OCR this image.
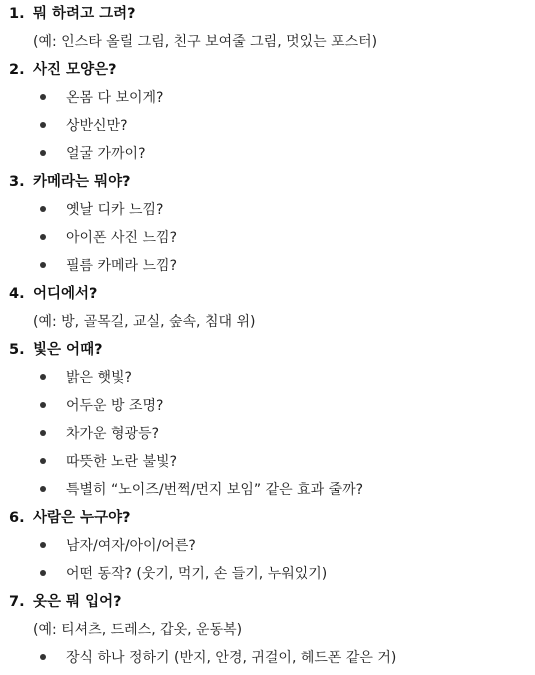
1. 뭐 하려고 그려?
(예: 인스타 올릴 그림, 친구 보여줄 그림, 멋있는 포스터)
2. 사진 모양은?
온몸 다 보이게?
상반신만?
얼굴 가까이?
3. 카메라는 뭐야?
옛날 디카 느낌?
아이폰 사진 느낌?
필름 카메라 느낌?
4. 어디에서?
(예: 방, 골목길, 교실, 숲속, 침대 위)
5. 빛은 어때?
밝은 햇빛?
어두운 방 조명?
차가운 형광등?
따뜻한 노란 불빛?
특별히 “노이즈/번쩍/먼지 보임” 같은 효과 줄까?
6. 사람은 누구야?
남자/여자/아이/어른?
어떤 동작? (웃기, 먹기, 손 들기, 누워있기)
7. 옷은 뭐 입어?
(예: 티셔츠, 드레스, 갑옷, 운동복)
장식 하나 정하기 (반지, 안경, 귀걸이, 헤드폰 같은 거)
